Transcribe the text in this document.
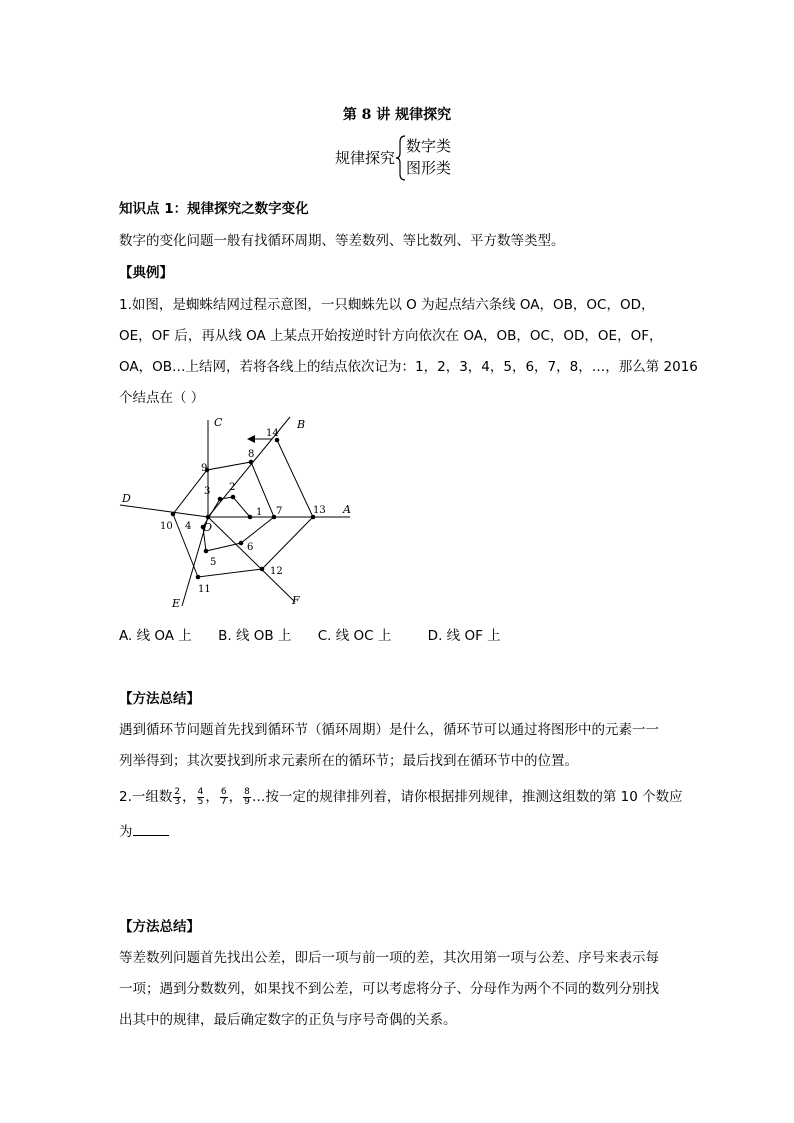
第 8 讲 规律探究
规律探究
数字类
图形类
知识点 1：规律探究之数字变化
数字的变化问题一般有找循环周期、等差数列、等比数列、平方数等类型。
【典例】
1.如图，是蜘蛛结网过程示意图，一只蜘蛛先以 O 为起点结六条线 OA，OB，OC，OD，
OE，OF 后，再从线 OA 上某点开始按逆时针方向依次在 OA，OB，OC，OD，OE，OF，
OA，OB…上结网，若将各线上的结点依次记为：1，2，3，4，5，6，7，8，…，那么第 2016
个结点在（ ）
1
2
3
4
5
6
7
8
9
10
11
12
13
14
O
A
B
C
D
E	F
A. 线 OA 上 B. 线 OB 上 C. 线 OC 上	D. 线 OF 上
【方法总结】
遇到循环节问题首先找到循环节（循环周期）是什么，循环节可以通过将图形中的元素一一
列举得到；其次要找到所求元素所在的循环节；最后找到在循环节中的位置。
2.一组数 $\frac{2}{3}$ ， $\frac{4}{5}$ ， $\frac{6}{7}$ ， $\frac{8}{9}$ …按一定的规律排列着，请你根据排列规律，推测这组数的第 10 个数应
为
【方法总结】
等差数列问题首先找出公差，即后一项与前一项的差，其次用第一项与公差、序号来表示每
一项；遇到分数数列，如果找不到公差，可以考虑将分子、分母作为两个不同的数列分别找
出其中的规律，最后确定数字的正负与序号奇偶的关系。
